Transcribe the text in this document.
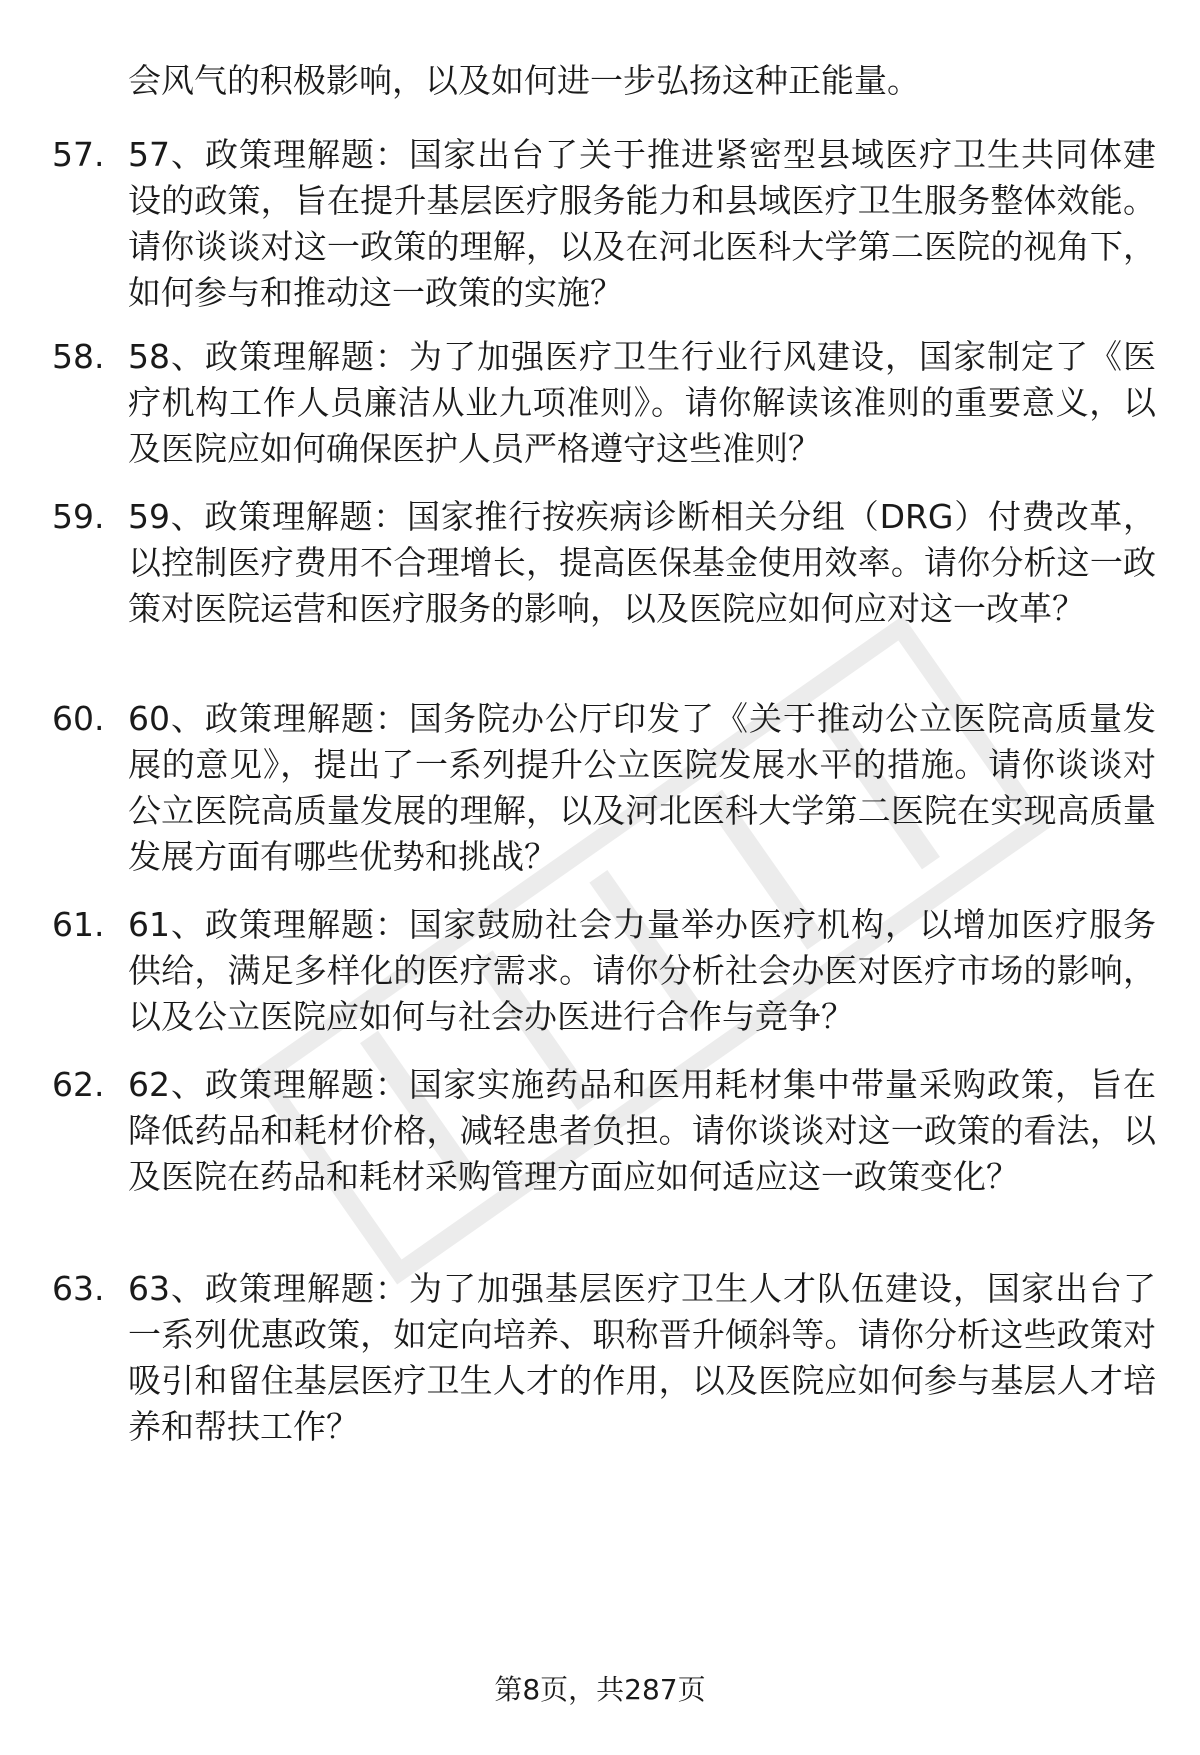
会风气的积极影响，以及如何进一步弘扬这种正能量。

57. 57、政策理解题：国家出台了关于推进紧密型县域医疗卫生共同体建设的政策，旨在提升基层医疗服务能力和县域医疗卫生服务整体效能。请你谈谈对这一政策的理解，以及在河北医科大学第二医院的视角下，如何参与和推动这一政策的实施？

58. 58、政策理解题：为了加强医疗卫生行业行风建设，国家制定了《医疗机构工作人员廉洁从业九项准则》。请你解读该准则的重要意义，以及医院应如何确保医护人员严格遵守这些准则？

59. 59、政策理解题：国家推行按疾病诊断相关分组（DRG）付费改革，以控制医疗费用不合理增长，提高医保基金使用效率。请你分析这一政策对医院运营和医疗服务的影响，以及医院应如何应对这一改革？

60. 60、政策理解题：国务院办公厅印发了《关于推动公立医院高质量发展的意见》，提出了一系列提升公立医院发展水平的措施。请你谈谈对公立医院高质量发展的理解，以及河北医科大学第二医院在实现高质量发展方面有哪些优势和挑战？

61. 61、政策理解题：国家鼓励社会力量举办医疗机构，以增加医疗服务供给，满足多样化的医疗需求。请你分析社会办医对医疗市场的影响，以及公立医院应如何与社会办医进行合作与竞争？

62. 62、政策理解题：国家实施药品和医用耗材集中带量采购政策，旨在降低药品和耗材价格，减轻患者负担。请你谈谈对这一政策的看法，以及医院在药品和耗材采购管理方面应如何适应这一政策变化？

63. 63、政策理解题：为了加强基层医疗卫生人才队伍建设，国家出台了一系列优惠政策，如定向培养、职称晋升倾斜等。请你分析这些政策对吸引和留住基层医疗卫生人才的作用，以及医院应如何参与基层人才培养和帮扶工作？

第8页，共287页
